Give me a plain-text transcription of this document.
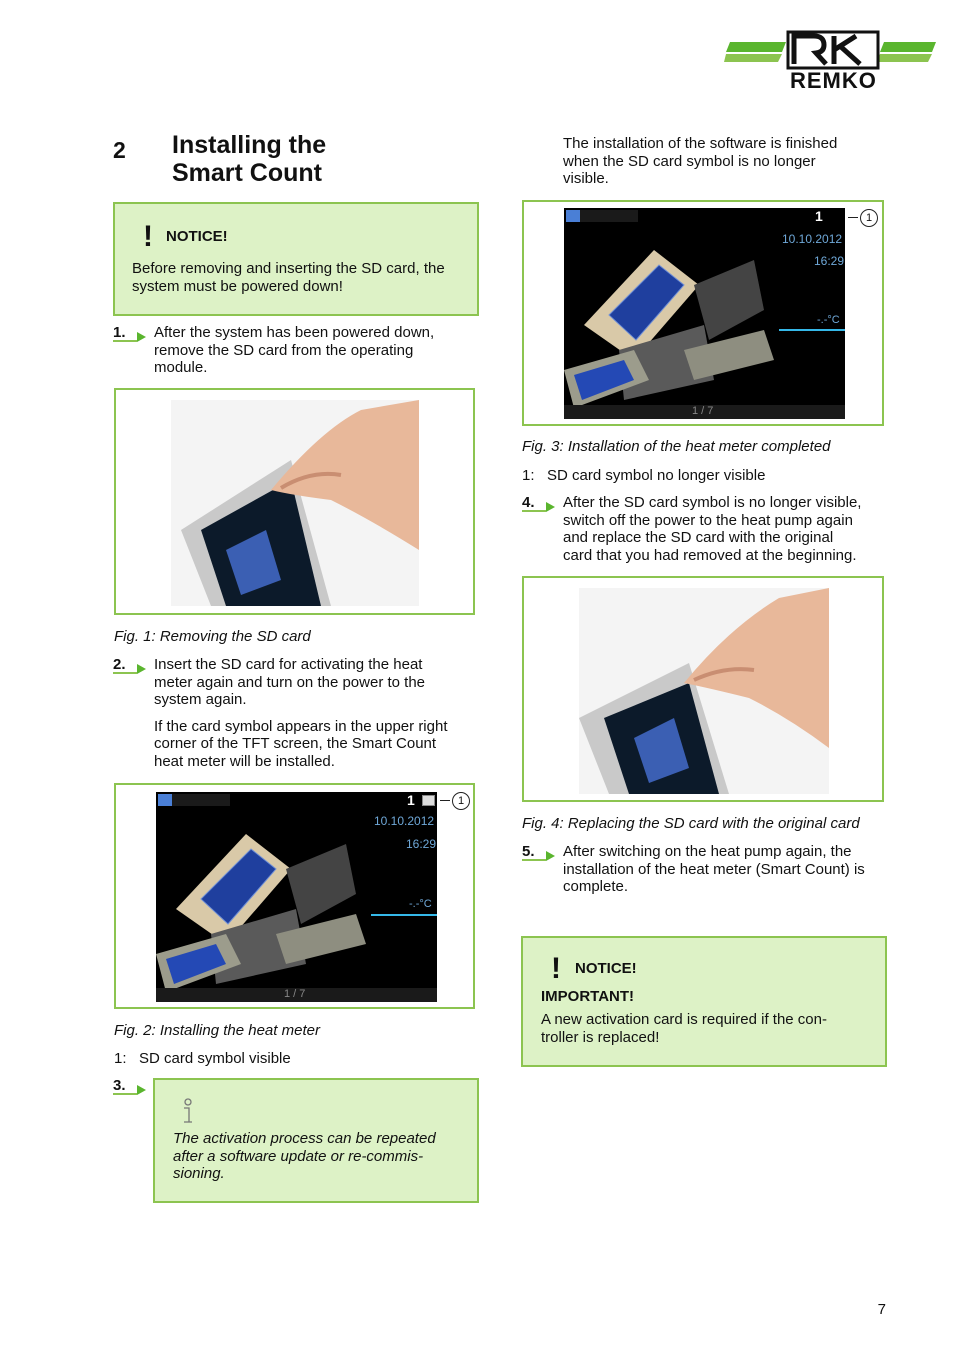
REMKO
2 Installing the
Smart Count
! NOTICE!
Before removing and inserting the SD card, the
system must be powered down!
1. After the system has been powered down,
remove the SD card from the operating
module.
Fig. 1: Removing the SD card
2. Insert the SD card for activating the heat
meter again and turn on the power to the
system again.
If the card symbol appears in the upper right
corner of the TFT screen, the Smart Count
heat meter will be installed.
1
10.10.2012
16:29
-.-°C
1 / 7
1
Fig. 2: Installing the heat meter
1:   SD card symbol visible
3.
The activation process can be repeated
after a software update or re-commis-
sioning.
The installation of the software is finished
when the SD card symbol is no longer
visible.
1
10.10.2012
16:29
-.-°C
1 / 7
1
Fig. 3: Installation of the heat meter completed
1:   SD card symbol no longer visible
4. After the SD card symbol is no longer visible,
switch off the power to the heat pump again
and replace the SD card with the original
card that you had removed at the beginning.
Fig. 4: Replacing the SD card with the original card
5. After switching on the heat pump again, the
installation of the heat meter (Smart Count) is
complete.
! NOTICE!
IMPORTANT!
A new activation card is required if the con-
troller is replaced!
7
